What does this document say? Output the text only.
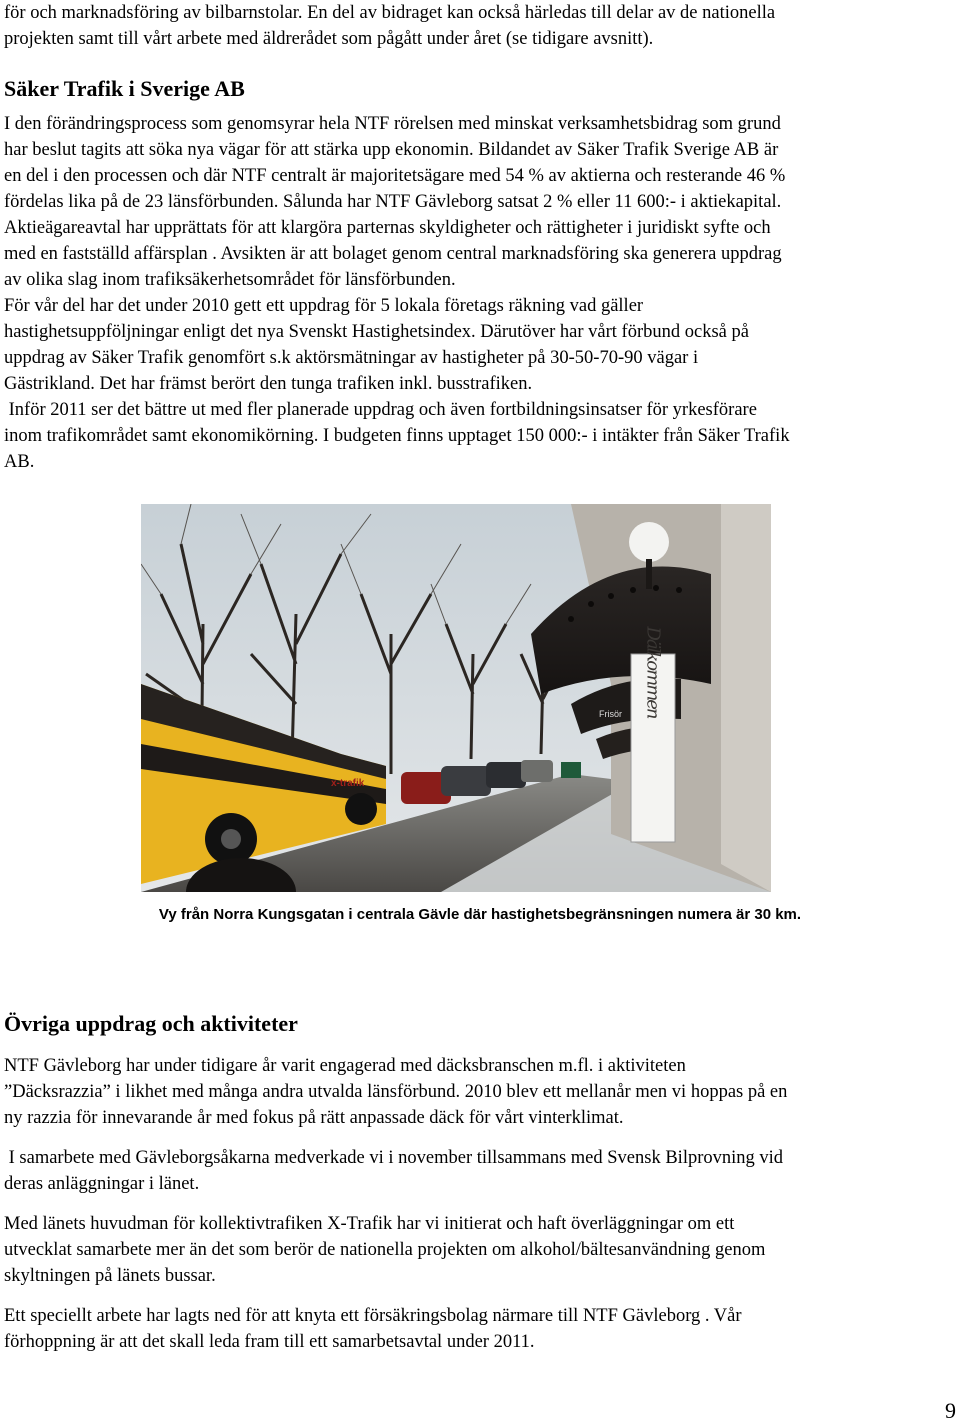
för och marknadsföring av bilbarnstolar. En del av bidraget kan också härledas till delar av de nationella
projekten samt till vårt arbete med äldrerådet som pågått under året (se tidigare avsnitt).
Säker Trafik i Sverige AB
I den förändringsprocess som genomsyrar hela NTF rörelsen med minskat verksamhetsbidrag som grund
har beslut tagits att söka nya vägar för att stärka upp ekonomin. Bildandet av Säker Trafik Sverige AB är
en del i den processen och där NTF centralt är majoritetsägare med 54 % av aktierna och resterande 46 %
fördelas lika på de 23 länsförbunden. Sålunda har NTF Gävleborg satsat 2 % eller 11 600:- i aktiekapital.
Aktieägareavtal har upprättats för att klargöra parternas skyldigheter och rättigheter i juridiskt syfte och
med en fastställd affärsplan . Avsikten är att bolaget genom central marknadsföring ska generera uppdrag
av olika slag inom trafiksäkerhetsområdet för länsförbunden.
För vår del har det under 2010 gett ett uppdrag för 5 lokala företags räkning vad gäller
hastighetsuppföljningar enligt det nya Svenskt Hastighetsindex. Därutöver har vårt förbund också på
uppdrag av Säker Trafik genomfört s.k aktörsmätningar av hastigheter på 30-50-70-90 vägar i
Gästrikland. Det har främst berört den tunga trafiken inkl. busstrafiken.
Inför 2011 ser det bättre ut med fler planerade uppdrag och även fortbildningsinsatser för yrkesförare
inom trafikområdet samt ekonomikörning. I budgeten finns upptaget 150 000:- i intäkter från Säker Trafik
AB.
x-trafik
Frisör Dälkommen
Vy från Norra Kungsgatan i centrala Gävle där hastighetsbegränsningen numera är 30 km.
Övriga uppdrag och aktiviteter
NTF Gävleborg har under tidigare år varit engagerad med däcksbranschen m.fl. i aktiviteten
”Däcksrazzia” i likhet med många andra utvalda länsförbund. 2010 blev ett mellanår men vi hoppas på en
ny razzia för innevarande år med fokus på rätt anpassade däck för vårt vinterklimat.
I samarbete med Gävleborgsåkarna medverkade vi i november tillsammans med Svensk Bilprovning vid
deras anläggningar i länet.
Med länets huvudman för kollektivtrafiken X-Trafik har vi initierat och haft överläggningar om ett
utvecklat samarbete mer än det som berör de nationella projekten om alkohol/bältesanvändning genom
skyltningen på länets bussar.
Ett speciellt arbete har lagts ned för att knyta ett försäkringsbolag närmare till NTF Gävleborg . Vår
förhoppning är att det skall leda fram till ett samarbetsavtal under 2011.
9
